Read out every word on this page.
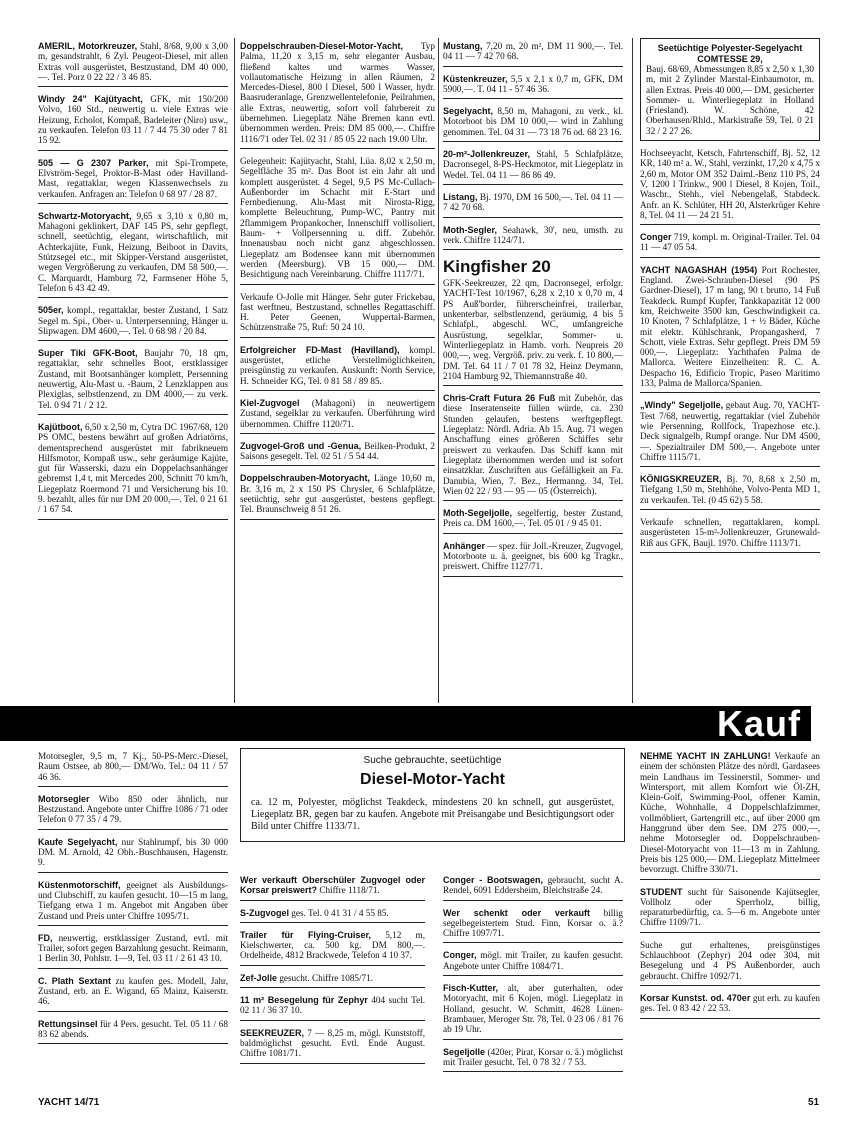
AMERIL, Motorkreuzer, Stahl, 8/68, 9,00 x 3,00 m, gesandstrahlt, 6 Zyl. Peugeot-Diesel, mit allen Extras voll ausgerüstet, Bestzustand, DM 40 000,—. Tel. Porz 0 22 22 / 3 46 85.
Windy 24" Kajütyacht, GFK, mit 150/200 Volvo, 160 Std., neuwertig u. viele Extras wie Heizung, Echolot, Kompaß, Badeleiter (Niro) usw., zu verkaufen. Telefon 03 11 / 7 44 75 30 oder 7 81 15 92.
505 — G 2307 Parker, mit Spi-Trompete, Elvström-Segel, Proktor-B-Mast oder Havilland-Mast, regattaklar, wegen Klassenwechsels zu verkaufen. Anfragen an: Telefon 0 68 97 / 28 87.
Schwartz-Motoryacht, 9,65 x 3,10 x 0,80 m, Mahagoni geklinkert, DAF 145 PS, sehr gepflegt, schnell, seetüchtig, elegant, wirtschaftlich, mit Achterkajüte, Funk, Heizung, Beiboot in Davits, Stützsegel etc., mit Skipper-Verstand ausgerüstet, wegen Vergrößerung zu verkaufen, DM 58 500,—. C. Marquardt, Hamburg 72, Farmsener Höhe 5, Telefon 6 43 42 49.
505er, kompl., regattaklar, bester Zustand, 1 Satz Segel m. Spi., Ober- u. Unterpersenning, Hänger u. Slipwagen. DM 4600,—. Tel. 0 68 98 / 20 84.
Super Tiki GFK-Boot, Baujahr 70, 18 qm, regattaklar, sehr schnelles Boot, erstklassiger Zustand, mit Bootsanhänger komplett, Persenning neuwertig, Alu-Mast u. -Baum, 2 Lenzklappen aus Plexiglas, selbstlenzend, zu DM 4000,— zu verk. Tel. 0 94 71 / 2 12.
Kajütboot, 6,50 x 2,50 m, Cytra DC 1967/68, 120 PS OMC, bestens bewährt auf großen Adriatörns, dementsprechend ausgerüstet mit fabrikneuem Hilfsmotor, Kompaß usw., sehr geräumige Kajüte, gut für Wasserski, dazu ein Doppelachsanhänger gebremst 1,4 t, mit Mercedes 200, Schnitt 70 km/h, Liegeplatz Roermond 71 und Versicherung bis 10. 9. bezahlt, alles für nur DM 20 000,—. Tel. 0 21 61 / 1 67 54.
Doppelschrauben-Diesel-Motor-Yacht, Typ Palma, 11,20 x 3,15 m, sehr eleganter Ausbau, fließend kaltes und warmes Wasser, vollautomatische Heizung in allen Räumen, 2 Mercedes-Diesel, 800 l Diesel, 500 l Wasser, hydr. Baasruderanlage, Grenzwellentelefonie, Peilrahmen, alle Extras, neuwertig, sofort voll fahrbereit zu übernehmen. Liegeplatz Nähe Bremen kann evtl. übernommen werden. Preis: DM 85 000,—. Chiffre 1116/71 oder Tel. 02 31 / 85 05 22 nach 19.00 Uhr.
Gelegenheit: Kajütyacht, Stahl, Lüa. 8,02 x 2,50 m, Segelfläche 35 m². Das Boot ist ein Jahr alt und komplett ausgerüstet. 4 Segel, 9,5 PS Mc-Cullach-Außenborder im Schacht mit E-Start und Fernbedienung. Alu-Mast mit Nirosta-Rigg, komplette Beleuchtung, Pump-WC, Pantry mit 2flammigem Propankocher, Innenschiff vollisoliert, Baum- + Vollpersenning u. diff. Zubehör. Innenausbau noch nicht ganz abgeschlossen. Liegeplatz am Bodensee kann mit übernommen werden (Meersburg). VB 15 000,— DM. Besichtigung nach Vereinbarung. Chiffre 1117/71.
Verkaufe O-Jolle mit Hänger. Sehr guter Frickebau, fast werftneu, Bestzustand, schnelles Regattaschiff. H. Peter Geenen, Wuppertal-Barmen, Schützenstraße 75, Ruf: 50 24 10.
Erfolgreicher FD-Mast (Havilland), kompl. ausgerüstet, etliche Verstellmöglichkeiten, preisgünstig zu verkaufen. Auskunft: North Service, H. Schneider KG, Tel. 0 81 58 / 89 85.
Kiel-Zugvogel (Mahagoni) in neuwertigem Zustand, segelklar zu verkaufen. Überführung wird übernommen. Chiffre 1120/71.
Zugvogel-Groß und -Genua, Beilken-Produkt, 2 Saisons gesegelt. Tel. 02 51 / 5 54 44.
Doppelschrauben-Motoryacht, Länge 10,60 m, Br. 3,16 m, 2 x 150 PS Chrysler, 6 Schlafplätze, seetüchtig, sehr gut ausgerüstet, bestens gepflegt. Tel. Braunschweig 8 51 26.
Mustang, 7,20 m, 20 m², DM 11 900,—. Tel. 04 11 — 7 42 70 68.
Küstenkreuzer, 5,5 x 2,1 x 0,7 m, GFK, DM 5900,—. T. 04 11 - 57 46 36.
Segelyacht, 8,50 m, Mahagoni, zu verk., kl. Motorboot bis DM 10 000,— wird in Zahlung genommen. Tel. 04 31 — 73 18 76 od. 68 23 16.
20-m²-Jollenkreuzer, Stahl, 5 Schlafplätze, Dacronsegel, 8-PS-Heckmotor, mit Liegeplatz in Wedel. Tel. 04 11 — 86 86 49.
Listang, Bj. 1970, DM 16 500,—. Tel. 04 11 — 7 42 70 68.
Moth-Segler, Seahawk, 30', neu, umsth. zu verk. Chiffre 1124/71.
Kingfisher 20
GFK-Seekreuzer, 22 qm, Dacronsegel, erfolgr. YACHT-Test 10/1967, 6,28 x 2,10 x 0,70 m, 4 PS Auß'border, führerscheinfrei, trailerbar, unkenterbar, selbstlenzend, geräumig, 4 bis 5 Schlafpl., abgeschl. WC, umfangreiche Ausrüstung, segelklar, Sommer- u. Winterliegeplatz in Hamb. vorh. Neupreis 20 000,—, weg. Vergröß. priv. zu verk. f. 10 800,— DM. Tel. 64 11 / 7 01 78 32, Heinz Deymann, 2104 Hamburg 92, Thiemannstraße 40.
Chris-Craft Futura 26 Fuß mit Zubehör, das diese Inseratenseite füllen würde, ca. 230 Stunden gelaufen, bestens werftgepflegt. Liegeplatz: Nördl. Adria. Ab 15. Aug. 71 wegen Anschaffung eines größeren Schiffes sehr preiswert zu verkaufen. Das Schiff kann mit Liegeplatz übernommen werden und ist sofort einsatzklar. Zuschriften aus Gefälligkeit an Fa. Danubia, Wien, 7. Bez., Hermanng. 34, Tel. Wien 02 22 / 93 — 95 — 05 (Österreich).
Moth-Segeljolle, segelfertig, bester Zustand, Preis ca. DM 1600,—. Tel. 05 01 / 9 45 01.
Anhänger — spez. für Joll.-Kreuzer, Zugvogel, Motorboote u. ä. geeignet, bis 600 kg Tragkr., preiswert. Chiffre 1127/71.
Seetüchtige Polyester-Segelyacht COMTESSE 29,
Bauj. 68/69, Abmessungen 8,85 x 2,50 x 1,30 m, mit 2 Zylinder Marstal-Einbaumotor, m. allen Extras. Preis 40 000,— DM, gesicherter Sommer- u. Winterliegeplatz in Holland (Friesland). W. Schöne, 42 Oberhausen/Rhld., Markistraße 59, Tel. 0 21 32 / 2 27 26.
Hochseeyacht, Ketsch, Fahrtenschiff, Bj. 52, 12 KR, 140 m² a. W., Stahl, verzinkt, 17,20 x 4,75 x 2,60 m, Motor OM 352 Daiml.-Benz 110 PS, 24 V, 1200 l Trinkw., 900 l Diesel, 8 Kojen, Toil., Waschr., Stehh., viel Nebengelaß, Stabdeck. Anfr. an K. Schlüter, HH 20, Alsterkrüger Kehre 8, Tel. 04 11 — 24 21 51.
Conger 719, kompl. m. Original-Trailer. Tel. 04 11 — 47 05 54.
YACHT NAGASHAH (1954) Port Rochester, England. Zwei-Schrauben-Diesel (90 PS Gardner-Diesel), 17 m lang, 90 t brutto, 14 Fuß Teakdeck. Rumpf Kupfer, Tankkapazität 12 000 km, Reichweite 3500 km, Geschwindigkeit ca. 10 Knoten, 7 Schlafplätze, 1 + ½ Bäder, Küche mit elektr. Kühlschrank, Propangasherd, 7 Schott, viele Extras. Sehr gepflegt. Preis DM 59 000,—. Liegeplatz: Yachthafen Palma de Mallorca. Weitere Einzelheiten: R. C. A. Despacho 16, Edificio Tropic, Paseo Maritimo 133, Palma de Mallorca/Spanien.
„Windy" Segeljolle, gebaut Aug. 70, YACHT-Test 7/68, neuwertig, regattaklar (viel Zubehör wie Persenning, Rollfock, Trapezhose etc.). Deck signalgelb, Rumpf orange. Nur DM 4500,—. Spezialtrailer DM 500,—. Angebote unter Chiffre 1115/71.
KÖNIGSKREUZER, Bj. 70, 8,68 x 2,50 m, Tiefgang 1,50 m, Stehhöhe, Volvo-Penta MD 1, zu verkaufen. Tel. (0 45 62) 5 58.
Verkaufe schnellen, regattaklaren, kompl. ausgerüsteten 15-m²-Jollenkreuzer, Grunewald-Riß aus GFK, Baujl. 1970. Chiffre 1113/71.
Kauf
Motorsegler, 9,5 m, 7 Kj., 50-PS-Merc.-Diesel, Raum Ostsee, ab 800,— DM/Wo. Tel.: 04 11 / 57 46 36.
Motorsegler Wibo 850 oder ähnlich, nur Bestzustand. Angebote unter Chiffre 1086 / 71 oder Telefon 0 77 35 / 4 79.
Kaufe Segelyacht, nur Stahlrumpf, bis 30 000 DM. M. Arnold, 42 Obh.-Buschhausen, Hagenstr. 9.
Küstenmotorschiff, geeignet als Ausbildungs- und Clubschiff, zu kaufen gesucht. 10—15 m lang, Tiefgang etwa 1 m. Angebot mit Angaben über Zustand und Preis unter Chiffre 1095/71.
FD, neuwertig, erstklassiger Zustand, evtl. mit Trailer, sofort gegen Barzahlung gesucht. Reimann, 1 Berlin 30, Pohlstr. 1—9, Tel. 03 11 / 2 61 43 10.
C. Plath Sextant zu kaufen ges. Modell, Jahr, Zustand, erb. an E. Wigand, 65 Mainz, Kaiserstr. 46.
Rettungsinsel für 4 Pers. gesucht. Tel. 05 11 / 68 83 62 abends.
Suche gebrauchte, seetüchtige
Diesel-Motor-Yacht
ca. 12 m, Polyester, möglichst Teakdeck, mindestens 20 kn schnell, gut ausgerüstet, Liegeplatz BR, gegen bar zu kaufen. Angebote mit Preisangabe und Besichtigungsort oder Bild unter Chiffre 1133/71.
Wer verkauft Oberschüler Zugvogel oder Korsar preiswert? Chiffre 1118/71.
S-Zugvogel ges. Tel. 0 41 31 / 4 55 85.
Trailer für Flying-Cruiser, 5,12 m, Kielschwerter, ca. 500 kg. DM 800,—. Ordelheide, 4812 Brackwede, Telefon 4 10 37.
Zef-Jolle gesucht. Chiffre 1085/71.
11 m² Besegelung für Zephyr 404 sucht Tel. 02 11 / 36 37 10.
SEEKREUZER, 7 — 8,25 m, mögl. Kunststoff, baldmöglichst gesucht. Evtl. Ende August. Chiffre 1081/71.
Conger - Bootswagen, gebraucht, sucht A. Rendel, 6091 Eddersheim, Bleichstraße 24.
Wer schenkt oder verkauft billig segelbegeistertem Stud. Finn, Korsar o. ä.? Chiffre 1097/71.
Conger, mögl. mit Trailer, zu kaufen gesucht. Angebote unter Chiffre 1084/71.
Fisch-Kutter, alt, aber guterhalten, oder Motoryacht, mit 6 Kojen, mögl. Liegeplatz in Holland, gesucht. W. Schmitt, 4628 Lünen-Brambauer, Meroger Str. 78, Tel. 0 23 06 / 81 76 ab 19 Uhr.
Segeljolle (420er, Pirat, Korsar o. ä.) möglichst mit Trailer gesucht. Tel. 0 78 32 / 7 53.
NEHME YACHT IN ZAHLUNG! Verkaufe an einem der schönsten Plätze des nördl. Gardasees mein Landhaus im Tessinerstil, Sommer- und Wintersport, mit allem Komfort wie Öl-ZH, Klein-Golf, Swimming-Pool, offener Kamin, Küche, Wohnhalle, 4 Doppelschlafzimmer, vollmöbliert, Gartengrill etc., auf über 2000 qm Hanggrund über dem See. DM 275 000,—, nehme Motorsegler od. Doppelschrauben-Diesel-Motoryacht von 11—13 m in Zahlung. Preis bis 125 000,— DM. Liegeplatz Mittelmeer bevorzugt. Chiffre 330/71.
STUDENT sucht für Saisonende Kajütsegler, Vollholz oder Sperrholz, billig, reparaturbedürftig, ca. 5—6 m. Angebote unter Chiffre 1109/71.
Suche gut erhaltenes, preisgünstiges Schlauchboot (Zephyr) 204 oder 304, mit Besegelung und 4 PS Außenborder, auch gebraucht. Chiffre 1092/71.
Korsar Kunstst. od. 470er gut erh. zu kaufen ges. Tel. 0 83 42 / 22 53.
YACHT 14/71	51
